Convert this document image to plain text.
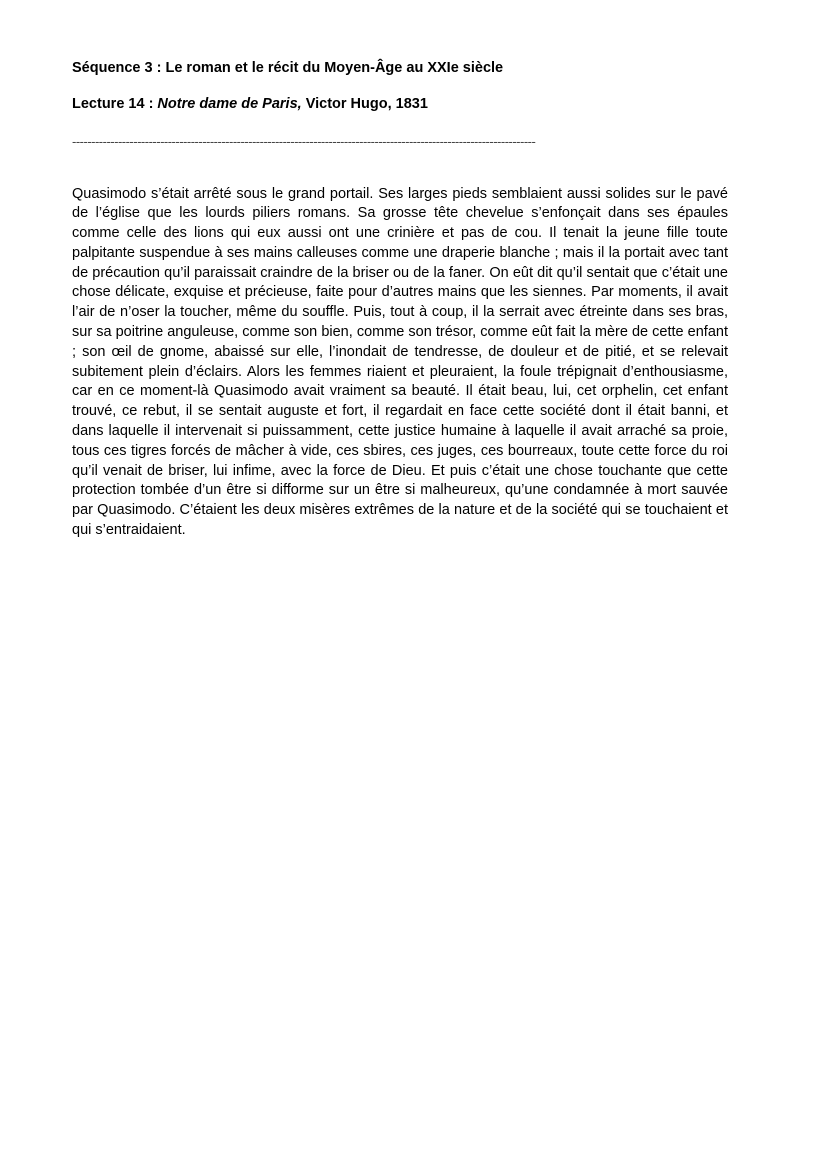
Séquence 3 : Le roman et le récit du Moyen-Âge au XXIe siècle
Lecture 14 : Notre dame de Paris, Victor Hugo, 1831
-------------------------------------------------------------------------------------------------------------------------

Quasimodo s’était arrêté sous le grand portail. Ses larges pieds semblaient aussi solides sur le pavé de l’église que les lourds piliers romans. Sa grosse tête chevelue s’enfonçait dans ses épaules comme celle des lions qui eux aussi ont une crinière et pas de cou. Il tenait la jeune fille toute palpitante suspendue à ses mains calleuses comme une draperie blanche ; mais il la portait avec tant de précaution qu’il paraissait craindre de la briser ou de la faner. On eût dit qu’il sentait que c’était une chose délicate, exquise et précieuse, faite pour d’autres mains que les siennes. Par moments, il avait l’air de n’oser la toucher, même du souffle. Puis, tout à coup, il la serrait avec étreinte dans ses bras, sur sa poitrine anguleuse, comme son bien, comme son trésor, comme eût fait la mère de cette enfant ; son œil de gnome, abaissé sur elle, l’inondait de tendresse, de douleur et de pitié, et se relevait subitement plein d’éclairs. Alors les femmes riaient et pleuraient, la foule trépignait d’enthousiasme, car en ce moment-là Quasimodo avait vraiment sa beauté. Il était beau, lui, cet orphelin, cet enfant trouvé, ce rebut, il se sentait auguste et fort, il regardait en face cette société dont il était banni, et dans laquelle il intervenait si puissamment, cette justice humaine à laquelle il avait arraché sa proie, tous ces tigres forcés de mâcher à vide, ces sbires, ces juges, ces bourreaux, toute cette force du roi qu’il venait de briser, lui infime, avec la force de Dieu. Et puis c’était une chose touchante que cette protection tombée d’un être si difforme sur un être si malheureux, qu’une condamnée à mort sauvée par Quasimodo. C’étaient les deux misères extrêmes de la nature et de la société qui se touchaient et qui s’entraidaient.
